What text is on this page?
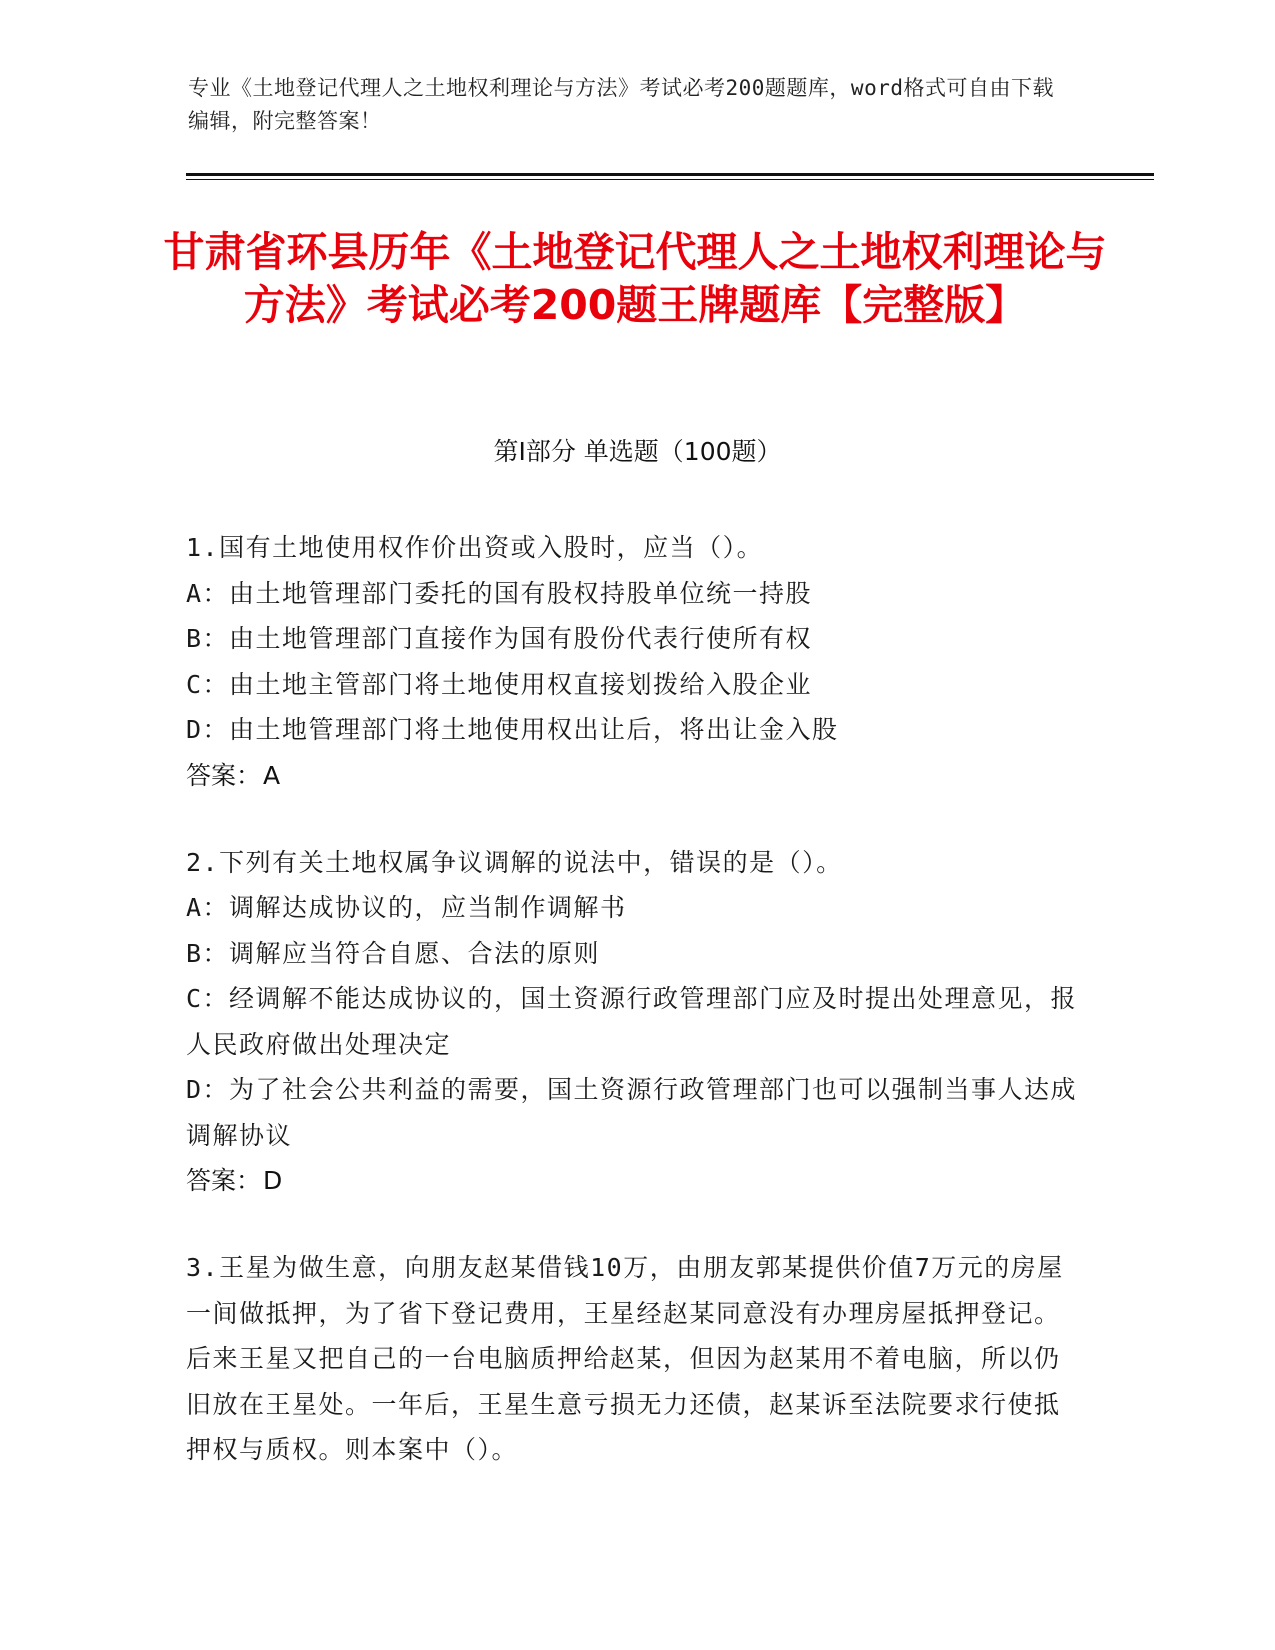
专业《土地登记代理人之土地权利理论与方法》考试必考200题题库，word格式可自由下载编辑，附完整答案！
甘肃省环县历年《土地登记代理人之土地权利理论与方法》考试必考200题王牌题库【完整版】
第Ⅰ部分 单选题（100题）
1.国有土地使用权作价出资或入股时，应当（）。
A：由土地管理部门委托的国有股权持股单位统一持股
B：由土地管理部门直接作为国有股份代表行使所有权
C：由土地主管部门将土地使用权直接划拨给入股企业
D：由土地管理部门将土地使用权出让后，将出让金入股
答案：A
2.下列有关土地权属争议调解的说法中，错误的是（）。
A：调解达成协议的，应当制作调解书
B：调解应当符合自愿、合法的原则
C：经调解不能达成协议的，国土资源行政管理部门应及时提出处理意见，报人民政府做出处理决定
D：为了社会公共利益的需要，国土资源行政管理部门也可以强制当事人达成调解协议
答案：D
3.王星为做生意，向朋友赵某借钱10万，由朋友郭某提供价值7万元的房屋一间做抵押，为了省下登记费用，王星经赵某同意没有办理房屋抵押登记。后来王星又把自己的一台电脑质押给赵某，但因为赵某用不着电脑，所以仍旧放在王星处。一年后，王星生意亏损无力还债，赵某诉至法院要求行使抵押权与质权。则本案中（）。
